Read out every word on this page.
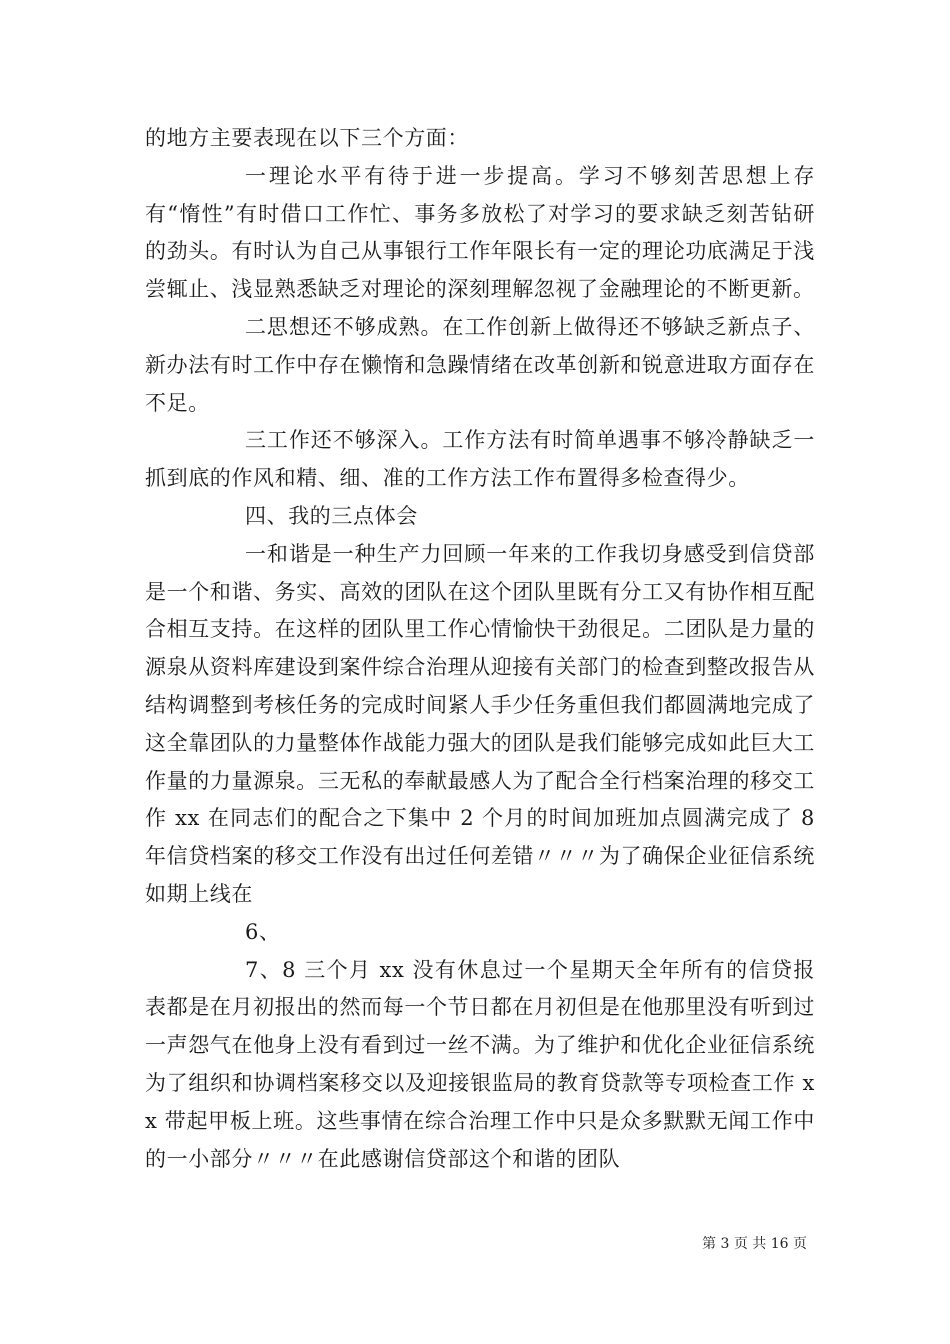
的地方主要表现在以下三个方面：

一理论水平有待于进一步提高。学习不够刻苦思想上存有“惰性”有时借口工作忙、事务多放松了对学习的要求缺乏刻苦钻研的劲头。有时认为自己从事银行工作年限长有一定的理论功底满足于浅尝辄止、浅显熟悉缺乏对理论的深刻理解忽视了金融理论的不断更新。

二思想还不够成熟。在工作创新上做得还不够缺乏新点子、新办法有时工作中存在懒惰和急躁情绪在改革创新和锐意进取方面存在不足。

三工作还不够深入。工作方法有时简单遇事不够冷静缺乏一抓到底的作风和精、细、准的工作方法工作布置得多检查得少。

四、我的三点体会

一和谐是一种生产力回顾一年来的工作我切身感受到信贷部是一个和谐、务实、高效的团队在这个团队里既有分工又有协作相互配合相互支持。在这样的团队里工作心情愉快干劲很足。二团队是力量的源泉从资料库建设到案件综合治理从迎接有关部门的检查到整改报告从结构调整到考核任务的完成时间紧人手少任务重但我们都圆满地完成了这全靠团队的力量整体作战能力强大的团队是我们能够完成如此巨大工作量的力量源泉。三无私的奉献最感人为了配合全行档案治理的移交工作 xx 在同志们的配合之下集中 2 个月的时间加班加点圆满完成了 8 年信贷档案的移交工作没有出过任何差错〃〃〃为了确保企业征信系统如期上线在

6、

7、8 三个月 xx 没有休息过一个星期天全年所有的信贷报表都是在月初报出的然而每一个节日都在月初但是在他那里没有听到过一声怨气在他身上没有看到过一丝不满。为了维护和优化企业征信系统为了组织和协调档案移交以及迎接银监局的教育贷款等专项检查工作 xx 带起甲板上班。这些事情在综合治理工作中只是众多默默无闻工作中的一小部分〃〃〃在此感谢信贷部这个和谐的团队

第 3 页 共 16 页
